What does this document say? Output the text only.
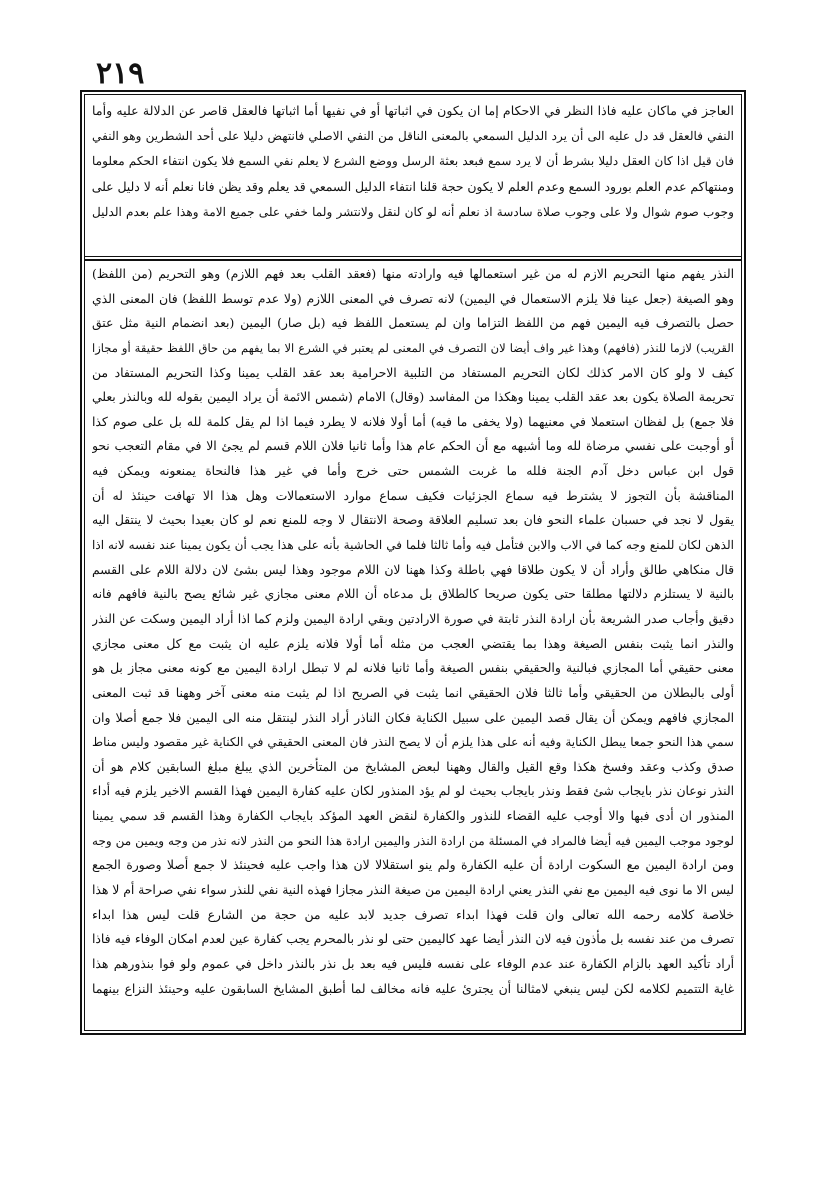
٢١٩
العاجز في ماكان عليه فاذا النظر في الاحكام إما ان يكون في اثباتها أو في نفيها أما اثباتها فالعقل قاصر عن الدلالة عليه وأما
النفي فالعقل قد دل عليه الى أن يرد الدليل السمعي بالمعنى الناقل من النفي الاصلي فانتهض دليلا على أحد الشطرين وهو النفي
فان قيل اذا كان العقل دليلا بشرط أن لا يرد سمع فبعد بعثة الرسل ووضع الشرع لا يعلم نفي السمع فلا يكون انتفاء الحكم معلوما
ومنتهاكم عدم العلم بورود السمع وعدم العلم لا يكون حجة قلنا انتفاء الدليل السمعي قد يعلم وقد يظن فانا نعلم أنه لا دليل على
وجوب صوم شوال ولا على وجوب صلاة سادسة اذ نعلم أنه لو كان لنقل ولانتشر ولما خفي على جميع الامة وهذا علم بعدم الدليل
النذر يفهم منها التحريم الازم له من غير استعمالها فيه وارادته منها (فعقد القلب بعد فهم اللازم) وهو التحريم (من اللفظ)
وهو الصيغة (جعل عينا فلا يلزم الاستعمال في اليمين) لانه تصرف في المعنى اللازم (ولا عدم توسط اللفظ) فان المعنى الذي
حصل بالتصرف فيه اليمين فهم من اللفظ التزاما وان لم يستعمل اللفظ فيه (بل صار) اليمين (بعد انضمام النية مثل عتق
القريب) لازما للنذر (فافهم) وهذا غير واف أيضا لان التصرف في المعنى لم يعتبر في الشرع الا بما يفهم من حاق اللفظ حقيقة أو مجازا
كيف لا ولو كان الامر كذلك لكان التحريم المستفاد من التلبية الاحرامية بعد عقد القلب يمينا وكذا التحريم المستفاد من
تحريمة الصلاة يكون بعد عقد القلب يمينا وهكذا من المفاسد (وقال) الامام (شمس الائمة أن يراد اليمين بقوله لله وبالنذر بعلي
فلا جمع) بل لفظان استعملا في معنيهما (ولا يخفى ما فيه) أما أولا فلانه لا يطرد فيما اذا لم يقل كلمة لله بل على صوم كذا
أو أوجبت على نفسي مرضاة لله وما أشبهه مع أن الحكم عام هذا وأما ثانيا فلان اللام قسم لم يجئ الا في مقام التعجب نحو
قول ابن عباس دخل آدم الجنة فلله ما غربت الشمس حتى خرج وأما في غير هذا فالنحاة يمنعونه ويمكن فيه
المناقشة بأن التجوز لا يشترط فيه سماع الجزئيات فكيف سماع موارد الاستعمالات وهل هذا الا تهافت حينئذ له أن
يقول لا نجد في حسبان علماء النحو فان بعد تسليم العلاقة وصحة الانتقال لا وجه للمنع نعم لو كان بعيدا بحيث لا ينتقل اليه
الذهن لكان للمنع وجه كما في الاب والابن فتأمل فيه وأما ثالثا فلما في الحاشية بأنه على هذا يجب أن يكون يمينا عند نفسه لانه اذا
قال منكاهي طالق وأراد أن لا يكون طلاقا فهي باطلة وكذا ههنا لان اللام موجود وهذا ليس بشئ لان دلالة اللام على القسم
بالنية لا يستلزم دلالتها مطلقا حتى يكون صريحا كالطلاق بل مدعاه أن اللام معنى مجازي غير شائع يصح بالنية فافهم فانه
دقيق وأجاب صدر الشريعة بأن ارادة النذر ثابتة في صورة الارادتين وبقي ارادة اليمين ولزم كما اذا أراد اليمين وسكت عن النذر
والنذر انما يثبت بنفس الصيغة وهذا بما يقتضي العجب من مثله أما أولا فلانه يلزم عليه ان يثبت مع كل معنى مجازي
معنى حقيقي أما المجازي فبالنية والحقيقي بنفس الصيغة وأما ثانيا فلانه لم لا تبطل ارادة اليمين مع كونه معنى مجاز بل هو
أولى بالبطلان من الحقيقي وأما ثالثا فلان الحقيقي انما يثبت في الصريح اذا لم يثبت منه معنى آخر وههنا قد ثبت المعنى
المجازي فافهم ويمكن أن يقال قصد اليمين على سبيل الكناية فكان الناذر أراد النذر لينتقل منه الى اليمين فلا جمع أصلا وان
سمي هذا النحو جمعا يبطل الكناية وفيه أنه على هذا يلزم أن لا يصح النذر فان المعنى الحقيقي في الكناية غير مقصود وليس مناط
صدق وكذب وعقد وفسخ هكذا وقع القيل والقال وههنا لبعض المشايخ من المتأخرين الذي يبلغ مبلغ السابقين كلام هو أن
النذر نوعان نذر بايجاب شئ فقط ونذر بايجاب بحيث لو لم يؤد المنذور لكان عليه كفارة اليمين فهذا القسم الاخير يلزم فيه أداء
المنذور ان أدى فبها والا أوجب عليه القضاء للنذور والكفارة لنقض العهد المؤكد بايجاب الكفارة وهذا القسم قد سمي يمينا
لوجود موجب اليمين فيه أيضا فالمراد في المسئلة من ارادة النذر واليمين ارادة هذا النحو من النذر لانه نذر من وجه ويمين من وجه
ومن ارادة اليمين مع السكوت ارادة أن عليه الكفارة ولم ينو استقلالا لان هذا واجب عليه فحينئذ لا جمع أصلا وصورة الجمع
ليس الا ما نوى فيه اليمين مع نفي النذر يعني ارادة اليمين من صيغة النذر مجازا فهذه النية نفي للنذر سواء نفي صراحة أم لا هذا
خلاصة كلامه رحمه الله تعالى وان قلت فهذا ابداء تصرف جديد لابد عليه من حجة من الشارع قلت ليس هذا ابداء
تصرف من عند نفسه بل مأذون فيه لان النذر أيضا عهد كاليمين حتى لو نذر بالمحرم يجب كفارة عين لعدم امكان الوفاء فيه فاذا
أراد تأكيد العهد بالزام الكفارة عند عدم الوفاء على نفسه فليس فيه بعد بل نذر بالنذر داخل في عموم ولو فوا بنذورهم هذا
غاية التتميم لكلامه لكن ليس ينبغي لامثالنا أن يجترئ عليه فانه مخالف لما أطبق المشايخ السابقون عليه وحينئذ النزاع بينهما
